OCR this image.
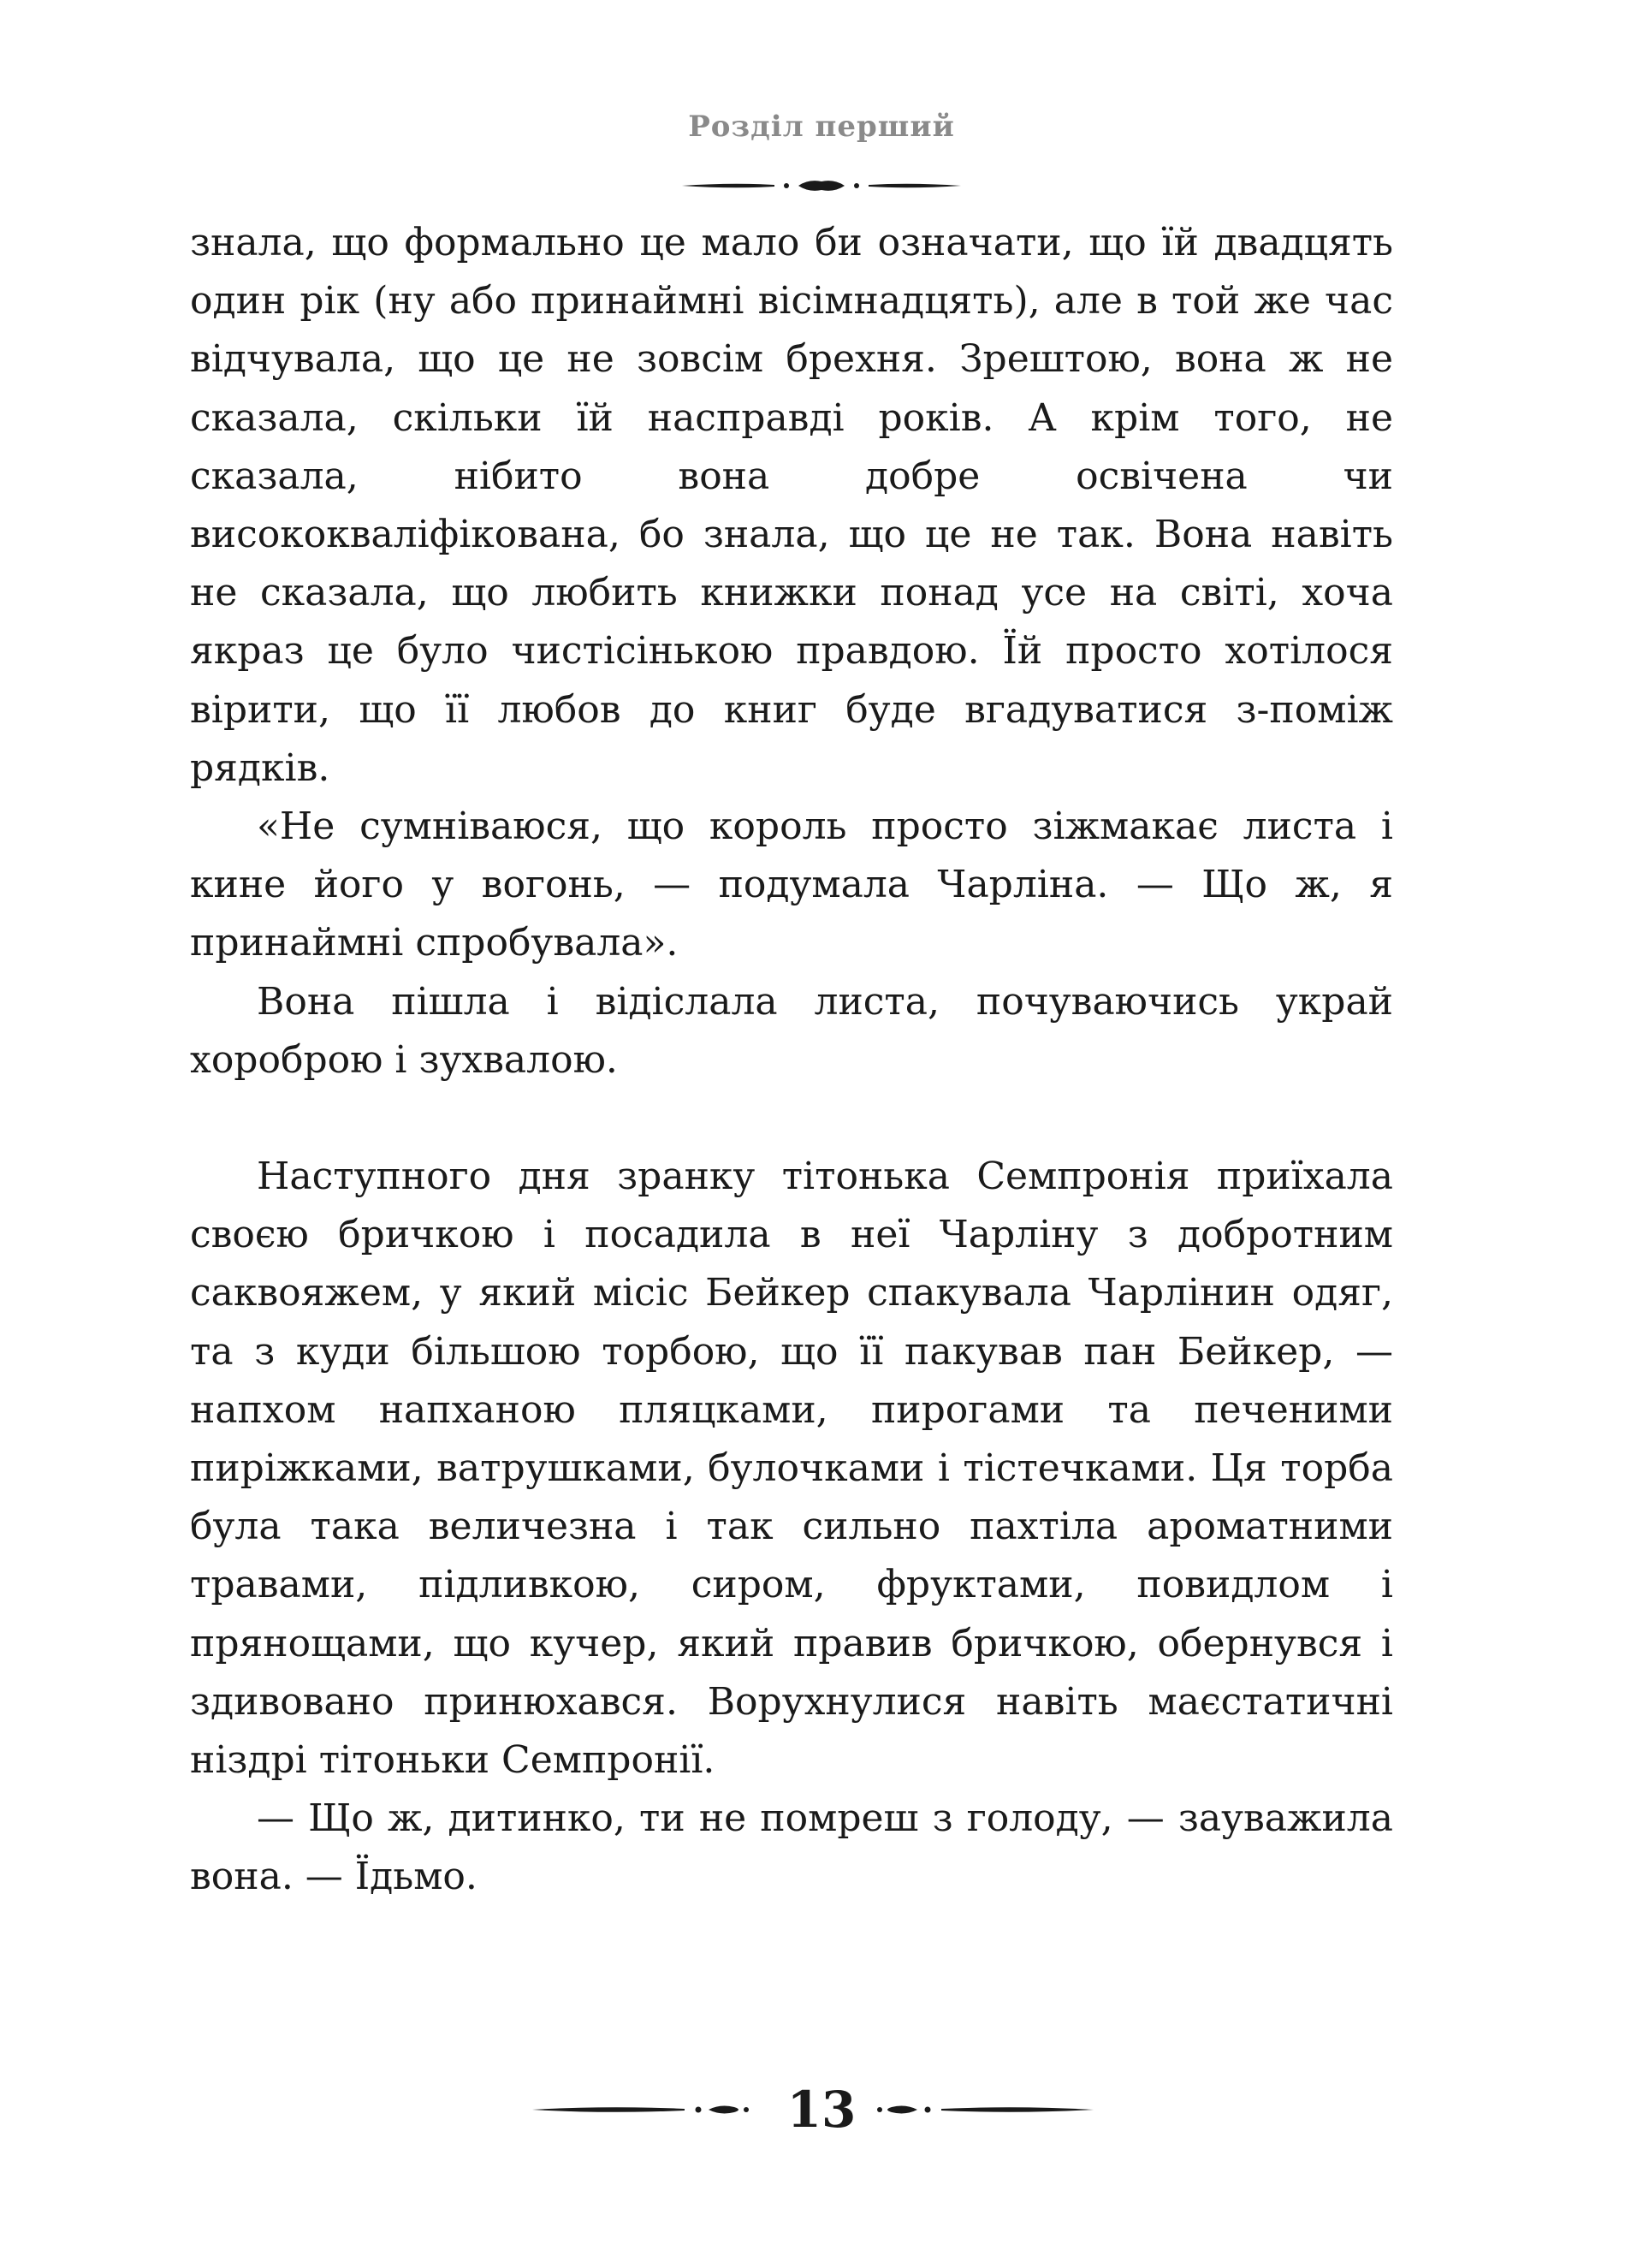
Розділ перший

знала, що формально це мало би означати, що їй двадцять один рік (ну або принаймні вісімнадцять), але в той же час відчувала, що це не зовсім брехня. Зрештою, вона ж не сказала, скільки їй насправді років. А крім того, не сказала, нібито вона добре освічена чи висококваліфікована, бо знала, що це не так. Вона навіть не сказала, що любить книжки понад усе на світі, хоча якраз це було чистісінькою правдою. Їй просто хотілося вірити, що її любов до книг буде вгадуватися з-поміж рядків.

«Не сумніваюся, що король просто зіжмакає листа і кине його у вогонь, — подумала Чарліна. — Що ж, я принаймні спробувала».

Вона пішла і відіслала листа, почуваючись украй хороброю і зухвалою.

Наступного дня зранку тітонька Семпронія приїхала своєю бричкою і посадила в неї Чарліну з добротним саквояжем, у який місіс Бейкер спакувала Чарлінин одяг, та з куди більшою торбою, що її пакував пан Бейкер, — напхом напханою пляцками, пирогами та печеними пиріжками, ватрушками, булочками і тістечками. Ця торба була така величезна і так сильно пахтіла ароматними травами, підливкою, сиром, фруктами, повидлом і прянощами, що кучер, який правив бричкою, обернувся і здивовано принюхався. Ворухнулися навіть маєстатичні ніздрі тітоньки Семпронії.

— Що ж, дитинко, ти не помреш з голоду, — зауважила вона. — Їдьмо.

13
